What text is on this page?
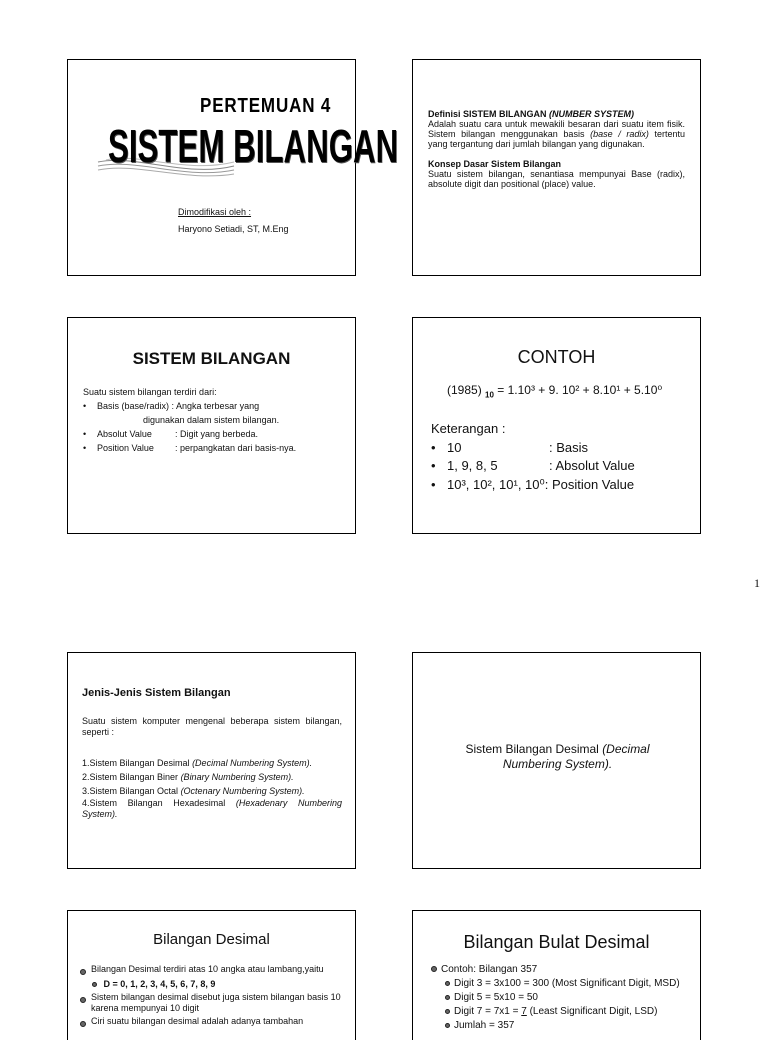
1
PERTEMUAN 4
SISTEM BILANGAN
Dimodifikasi oleh :
Haryono Setiadi, ST, M.Eng
Definisi SISTEM BILANGAN (NUMBER SYSTEM)

Adalah suatu cara untuk mewakili besaran dari suatu item fisik. Sistem bilangan menggunakan basis (base / radix) tertentu yang tergantung dari jumlah bilangan yang digunakan.

Konsep Dasar Sistem Bilangan

Suatu sistem bilangan, senantiasa mempunyai Base (radix), absolute digit dan positional (place) value.

SISTEM BILANGAN
Suatu sistem bilangan terdiri dari:
•	Basis (base/radix) : Angka terbesar yang
digunakan dalam sistem bilangan.
•	Absolut Value	: Digit yang berbeda.
•	Position Value	: perpangkatan dari basis-nya.
CONTOH
(1985) $_{10}$ = 1.10³ + 9. 10² + 8.10¹ + 5.10⁰
Keterangan :
• 10	: Basis
• 1, 9, 8, 5	: Absolut Value
• 10³, 10², 10¹, 10⁰ : Position Value
Jenis-Jenis Sistem Bilangan
Suatu sistem komputer mengenal beberapa sistem bilangan, seperti :
1.Sistem Bilangan Desimal (Decimal Numbering System).
2.Sistem Bilangan Biner (Binary Numbering System).
3.Sistem Bilangan Octal (Octenary Numbering System).
4.Sistem Bilangan Hexadesimal (Hexadenary Numbering System).
Sistem Bilangan Desimal (Decimal Numbering System).
Bilangan Desimal
Bilangan Desimal terdiri atas 10 angka atau lambang,yaitu
D = 0, 1, 2, 3, 4, 5, 6, 7, 8, 9
Sistem bilangan desimal disebut juga sistem bilangan basis 10 karena mempunyai 10 digit
Ciri suatu bilangan desimal adalah adanya tambahan
Bilangan Bulat Desimal
Contoh: Bilangan 357
Digit 3 = 3x100 = 300 (Most Significant Digit, MSD)
Digit 5 = 5x10 = 50
Digit 7 = 7x1 = 7 (Least Significant Digit, LSD)
Jumlah = 357
